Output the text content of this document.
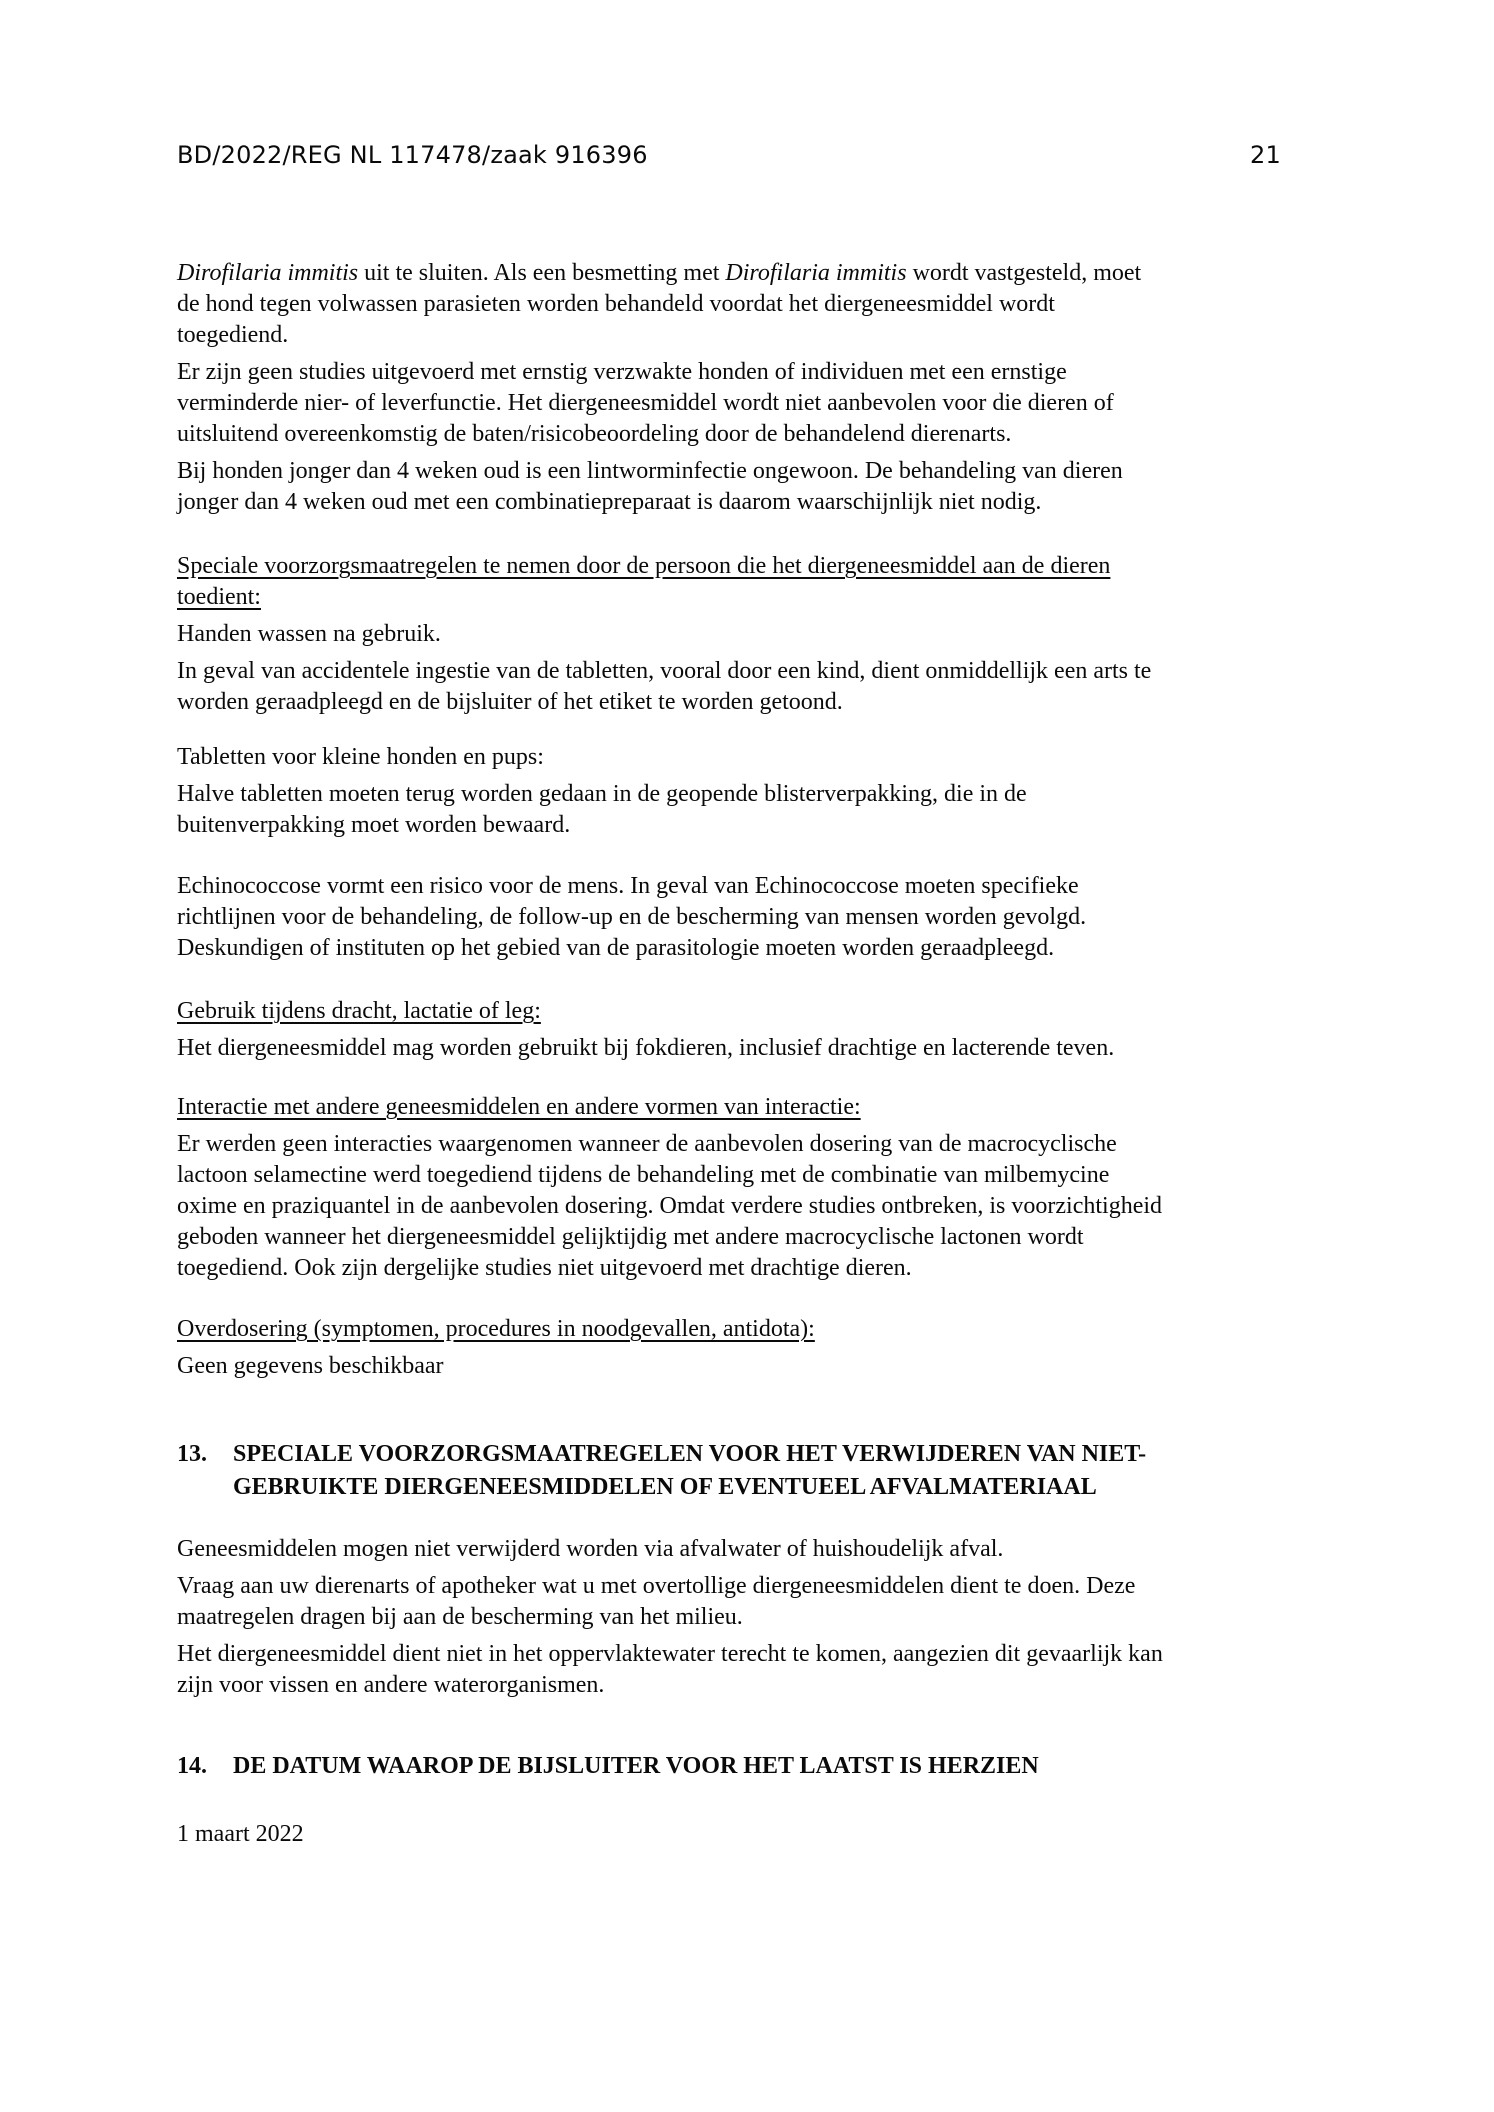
BD/2022/REG NL 117478/zaak 916396	21
Dirofilaria immitis uit te sluiten. Als een besmetting met Dirofilaria immitis wordt vastgesteld, moet
de hond tegen volwassen parasieten worden behandeld voordat het diergeneesmiddel wordt
toegediend.
Er zijn geen studies uitgevoerd met ernstig verzwakte honden of individuen met een ernstige
verminderde nier- of leverfunctie. Het diergeneesmiddel wordt niet aanbevolen voor die dieren of
uitsluitend overeenkomstig de baten/risicobeoordeling door de behandelend dierenarts.
Bij honden jonger dan 4 weken oud is een lintworminfectie ongewoon. De behandeling van dieren
jonger dan 4 weken oud met een combinatiepreparaat is daarom waarschijnlijk niet nodig.
Speciale voorzorgsmaatregelen te nemen door de persoon die het diergeneesmiddel aan de dieren
toedient:
Handen wassen na gebruik.
In geval van accidentele ingestie van de tabletten, vooral door een kind, dient onmiddellijk een arts te
worden geraadpleegd en de bijsluiter of het etiket te worden getoond.
Tabletten voor kleine honden en pups:
Halve tabletten moeten terug worden gedaan in de geopende blisterverpakking, die in de
buitenverpakking moet worden bewaard.
Echinococcose vormt een risico voor de mens. In geval van Echinococcose moeten specifieke
richtlijnen voor de behandeling, de follow-up en de bescherming van mensen worden gevolgd.
Deskundigen of instituten op het gebied van de parasitologie moeten worden geraadpleegd.
Gebruik tijdens dracht, lactatie of leg:
Het diergeneesmiddel mag worden gebruikt bij fokdieren, inclusief drachtige en lacterende teven.
Interactie met andere geneesmiddelen en andere vormen van interactie:
Er werden geen interacties waargenomen wanneer de aanbevolen dosering van de macrocyclische
lactoon selamectine werd toegediend tijdens de behandeling met de combinatie van milbemycine
oxime en praziquantel in de aanbevolen dosering. Omdat verdere studies ontbreken, is voorzichtigheid
geboden wanneer het diergeneesmiddel gelijktijdig met andere macrocyclische lactonen wordt
toegediend. Ook zijn dergelijke studies niet uitgevoerd met drachtige dieren.
Overdosering (symptomen, procedures in noodgevallen, antidota):
Geen gegevens beschikbaar
13.	SPECIALE VOORZORGSMAATREGELEN VOOR HET VERWIJDEREN VAN NIET-
GEBRUIKTE DIERGENEESMIDDELEN OF EVENTUEEL AFVALMATERIAAL
Geneesmiddelen mogen niet verwijderd worden via afvalwater of huishoudelijk afval.
Vraag aan uw dierenarts of apotheker wat u met overtollige diergeneesmiddelen dient te doen. Deze
maatregelen dragen bij aan de bescherming van het milieu.
Het diergeneesmiddel dient niet in het oppervlaktewater terecht te komen, aangezien dit gevaarlijk kan
zijn voor vissen en andere waterorganismen.
14.	DE DATUM WAAROP DE BIJSLUITER VOOR HET LAATST IS HERZIEN
1 maart 2022
